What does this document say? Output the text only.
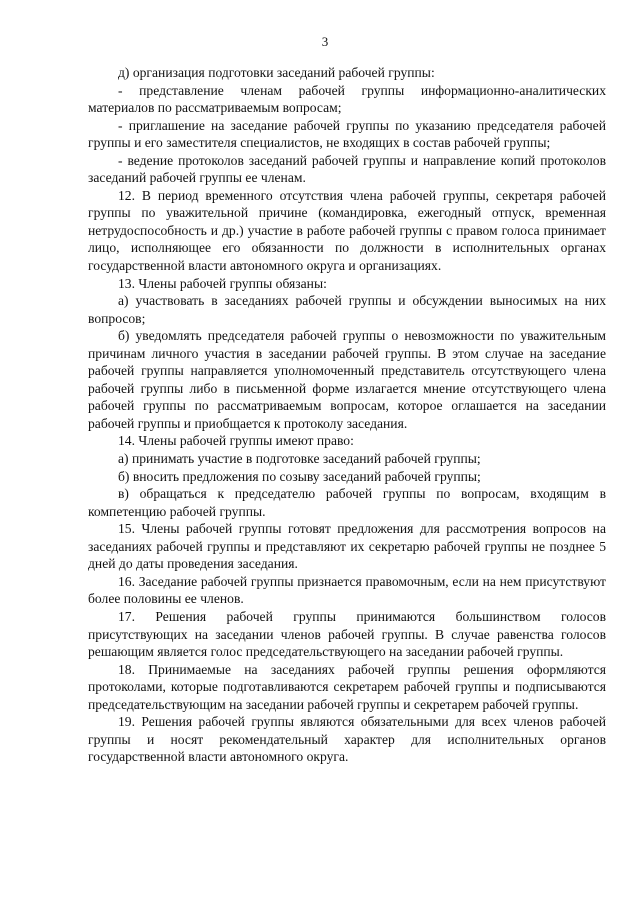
3

д) организация подготовки заседаний рабочей группы:

- представление членам рабочей группы информационно-аналитических материалов по рассматриваемым вопросам;

- приглашение на заседание рабочей группы по указанию председателя рабочей группы и его заместителя специалистов, не входящих в состав рабочей группы;

- ведение протоколов заседаний рабочей группы и направление копий протоколов заседаний рабочей группы ее членам.

12. В период временного отсутствия члена рабочей группы, секретаря рабочей группы по уважительной причине (командировка, ежегодный отпуск, временная нетрудоспособность и др.) участие в работе рабочей группы с правом голоса принимает лицо, исполняющее его обязанности по должности в исполнительных органах государственной власти автономного округа и организациях.

13. Члены рабочей группы обязаны:

а) участвовать в заседаниях рабочей группы и обсуждении выносимых на них вопросов;

б) уведомлять председателя рабочей группы о невозможности по уважительным причинам личного участия в заседании рабочей группы. В этом случае на заседание рабочей группы направляется уполномоченный представитель отсутствующего члена рабочей группы либо в письменной форме излагается мнение отсутствующего члена рабочей группы по рассматриваемым вопросам, которое оглашается на заседании рабочей группы и приобщается к протоколу заседания.

14. Члены рабочей группы имеют право:

а) принимать участие в подготовке заседаний рабочей группы;

б) вносить предложения по созыву заседаний рабочей группы;

в) обращаться к председателю рабочей группы по вопросам, входящим в компетенцию рабочей группы.

15. Члены рабочей группы готовят предложения для рассмотрения вопросов на заседаниях рабочей группы и представляют их секретарю рабочей группы не позднее 5 дней до даты проведения заседания.

16. Заседание рабочей группы признается правомочным, если на нем присутствуют более половины ее членов.

17. Решения рабочей группы принимаются большинством голосов присутствующих на заседании членов рабочей группы. В случае равенства голосов решающим является голос председательствующего на заседании рабочей группы.

18. Принимаемые на заседаниях рабочей группы решения оформляются протоколами, которые подготавливаются секретарем рабочей группы и подписываются председательствующим на заседании рабочей группы и секретарем рабочей группы.

19. Решения рабочей группы являются обязательными для всех членов рабочей группы и носят рекомендательный характер для исполнительных органов государственной власти автономного округа.
